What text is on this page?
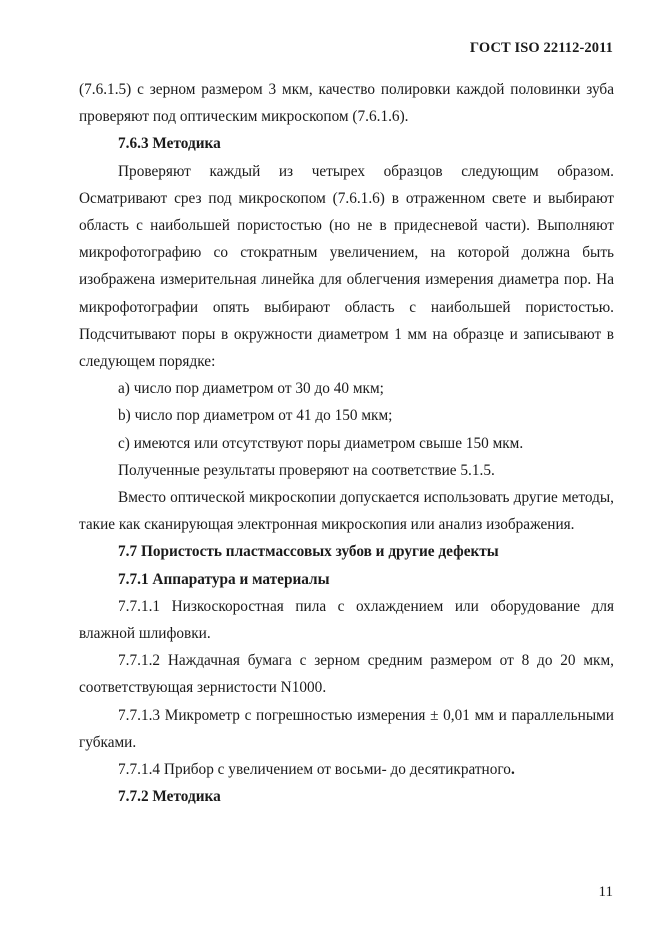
ГОСТ ISO 22112-2011

(7.6.1.5) с зерном размером 3 мкм, качество полировки каждой половинки зуба проверяют под оптическим микроскопом (7.6.1.6).

7.6.3 Методика

Проверяют каждый из четырех образцов следующим образом. Осматривают срез под микроскопом (7.6.1.6) в отраженном свете и выбирают область с наибольшей пористостью (но не в придесневой части). Выполняют микрофотографию со стократным увеличением, на которой должна быть изображена измерительная линейка для облегчения измерения диаметра пор. На микрофотографии опять выбирают область с наибольшей пористостью. Подсчитывают поры в окружности диаметром 1 мм на образце и записывают в следующем порядке:

a) число пор диаметром от 30 до 40 мкм;

b) число пор диаметром от 41 до 150 мкм;

c) имеются или отсутствуют поры диаметром свыше 150 мкм.

Полученные результаты проверяют на соответствие 5.1.5.

Вместо оптической микроскопии допускается использовать другие методы, такие как сканирующая электронная микроскопия или анализ изображения.

7.7 Пористость пластмассовых зубов и другие дефекты

7.7.1 Аппаратура и материалы

7.7.1.1 Низкоскоростная пила с охлаждением или оборудование для влажной шлифовки.

7.7.1.2 Наждачная бумага с зерном средним размером от 8 до 20 мкм, соответствующая зернистости N1000.

7.7.1.3 Микрометр с погрешностью измерения ± 0,01 мм и параллельными губками.

7.7.1.4 Прибор с увеличением от восьми- до десятикратного.

7.7.2 Методика

11
